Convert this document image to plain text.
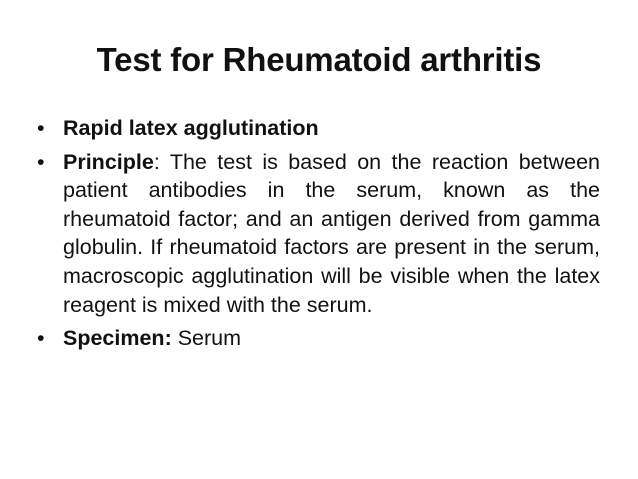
Test for Rheumatoid arthritis
• Rapid latex agglutination
• Principle: The test is based on the reaction between patient antibodies in the serum, known as the rheumatoid factor; and an antigen derived from gamma globulin. If rheumatoid factors are present in the serum, macroscopic agglutination will be visible when the latex reagent is mixed with the serum.
• Specimen: Serum
